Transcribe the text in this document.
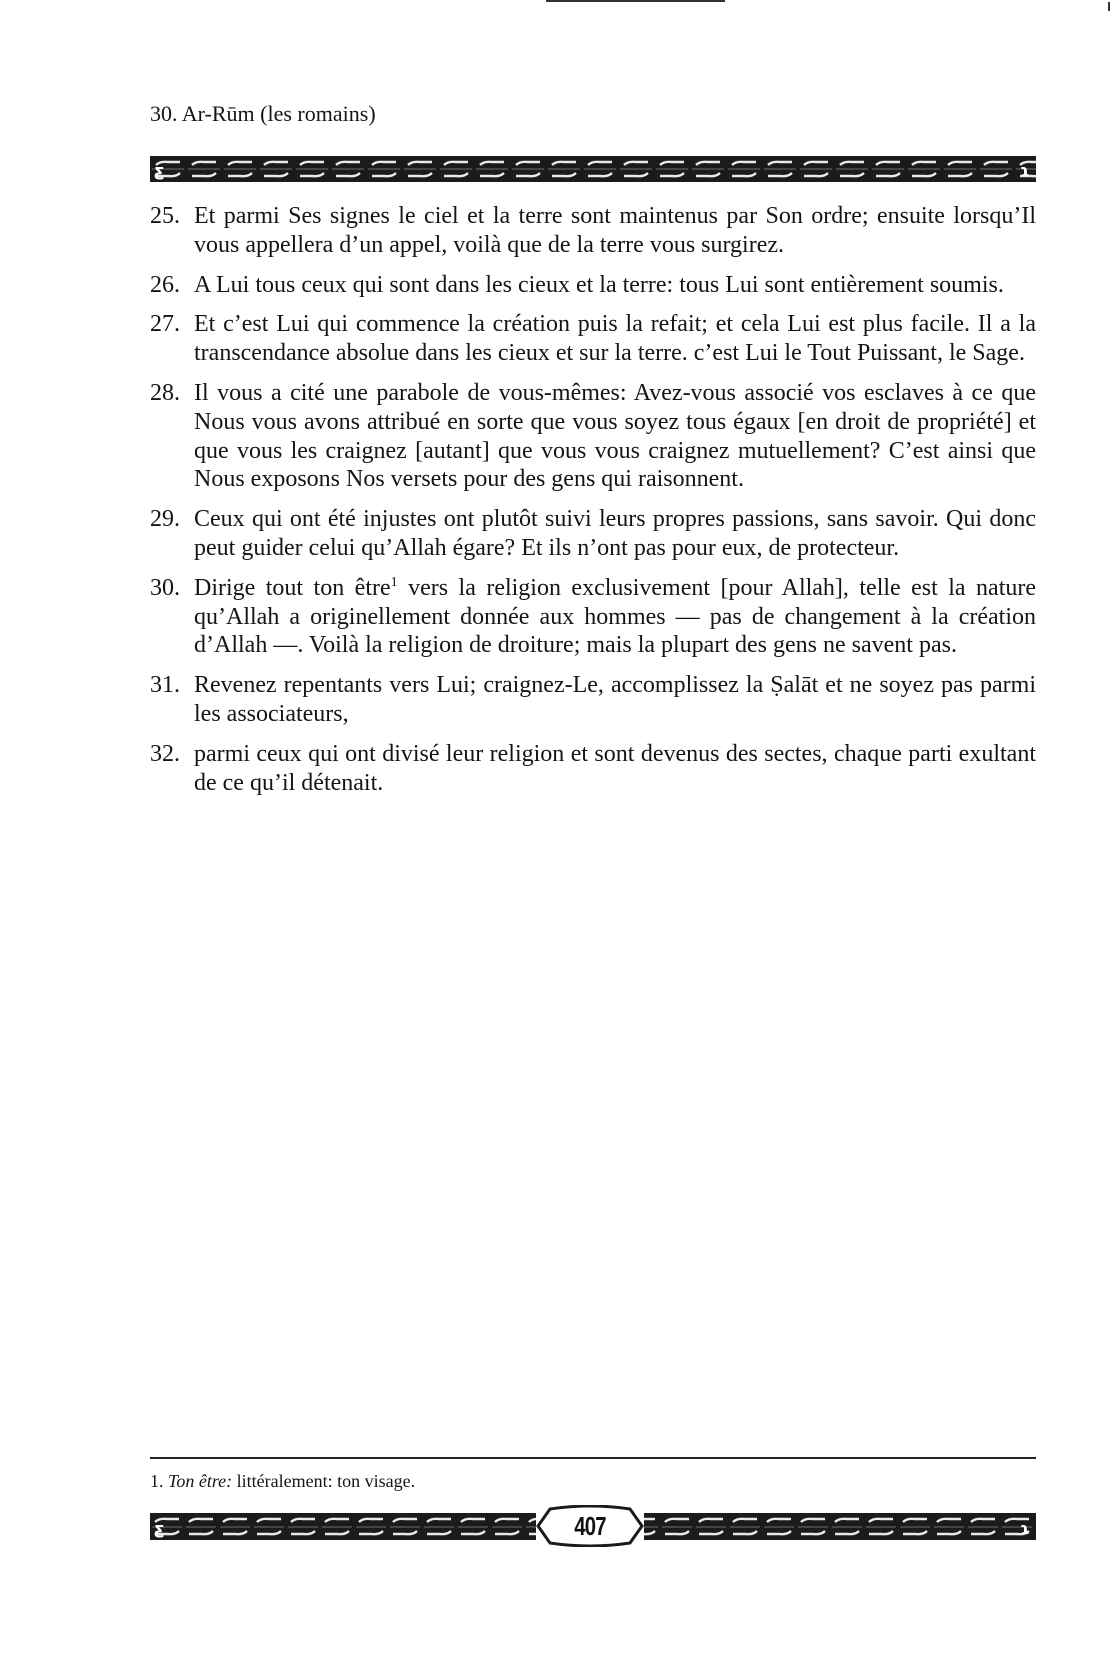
30. Ar-Rūm (les romains)
ƹ	ɿ
25. Et parmi Ses signes le ciel et la terre sont maintenus par Son ordre; ensuite lorsqu’Il vous appellera d’un appel, voilà que de la terre vous surgirez.
26. A Lui tous ceux qui sont dans les cieux et la terre: tous Lui sont entièrement soumis.
27. Et c’est Lui qui commence la création puis la refait; et cela Lui est plus facile. Il a la transcendance absolue dans les cieux et sur la terre. c’est Lui le Tout Puissant, le Sage.
28. Il vous a cité une parabole de vous-mêmes: Avez-vous associé vos esclaves à ce que Nous vous avons attribué en sorte que vous soyez tous égaux [en droit de propriété] et que vous les craignez [autant] que vous vous craignez mutuellement? C’est ainsi que Nous exposons Nos versets pour des gens qui raisonnent.
29. Ceux qui ont été injustes ont plutôt suivi leurs propres passions, sans savoir. Qui donc peut guider celui qu’Allah égare? Et ils n’ont pas pour eux, de protecteur.
30. Dirige tout ton être$^1$ vers la religion exclusivement [pour Allah], telle est la nature qu’Allah a originellement donnée aux hommes — pas de changement à la création d’Allah —. Voilà la religion de droiture; mais la plupart des gens ne savent pas.
31. Revenez repentants vers Lui; craignez-Le, accomplissez la Ṣalāt et ne soyez pas parmi les associateurs,
32. parmi ceux qui ont divisé leur religion et sont devenus des sectes, chaque parti exultant de ce qu’il détenait.
1. Ton être: littéralement: ton visage.
ƹ	ɿ
407
